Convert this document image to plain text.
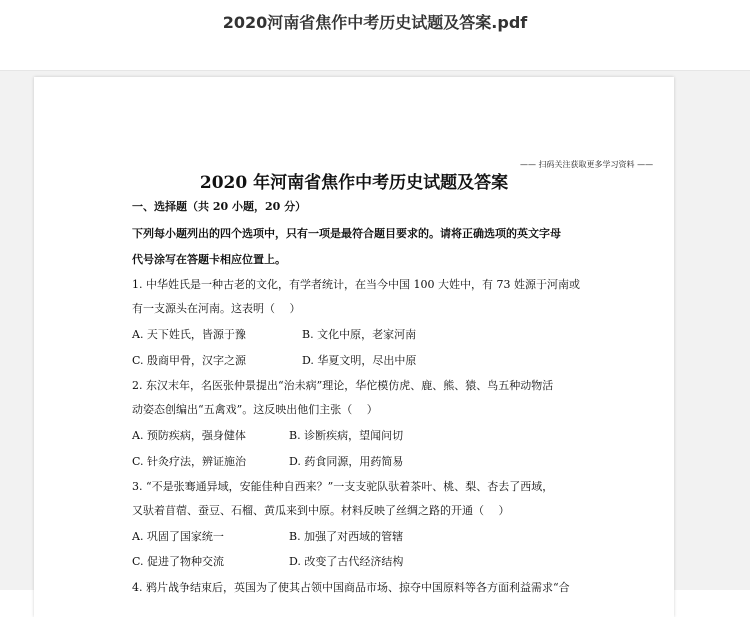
2020河南省焦作中考历史试题及答案.pdf
—— 扫码关注获取更多学习资料 ——
2020 年河南省焦作中考历史试题及答案
一、选择题（共 20 小题，20 分）
下列每小题列出的四个选项中，只有一项是最符合题目要求的。请将正确选项的英文字母
代号涂写在答题卡相应位置上。
1. 中华姓氏是一种古老的文化，有学者统计，在当今中国 100 大姓中，有 73 姓源于河南或
有一支源头在河南。这表明（　 ）
A. 天下姓氏，皆源于豫	B. 文化中原，老家河南
C. 殷商甲骨，汉字之源	D. 华夏文明，尽出中原
2. 东汉末年，名医张仲景提出“治未病”理论，华佗模仿虎、鹿、熊、猿、鸟五种动物活
动姿态创编出“五禽戏”。这反映出他们主张（　 ）
A. 预防疾病，强身健体	B. 诊断疾病，望闻问切
C. 针灸疗法，辨证施治	D. 药食同源，用药简易
3. “不是张骞通异域，安能佳种自西来？”一支支驼队驮着茶叶、桃、梨、杏去了西域，
又驮着苜蓿、蚕豆、石榴、黄瓜来到中原。材料反映了丝绸之路的开通（　 ）
A. 巩固了国家统一	B. 加强了对西域的管辖
C. 促进了物种交流	D. 改变了古代经济结构
4. 鸦片战争结束后，英国为了使其占领中国商品市场、掠夺中国原料等各方面利益需求“合
